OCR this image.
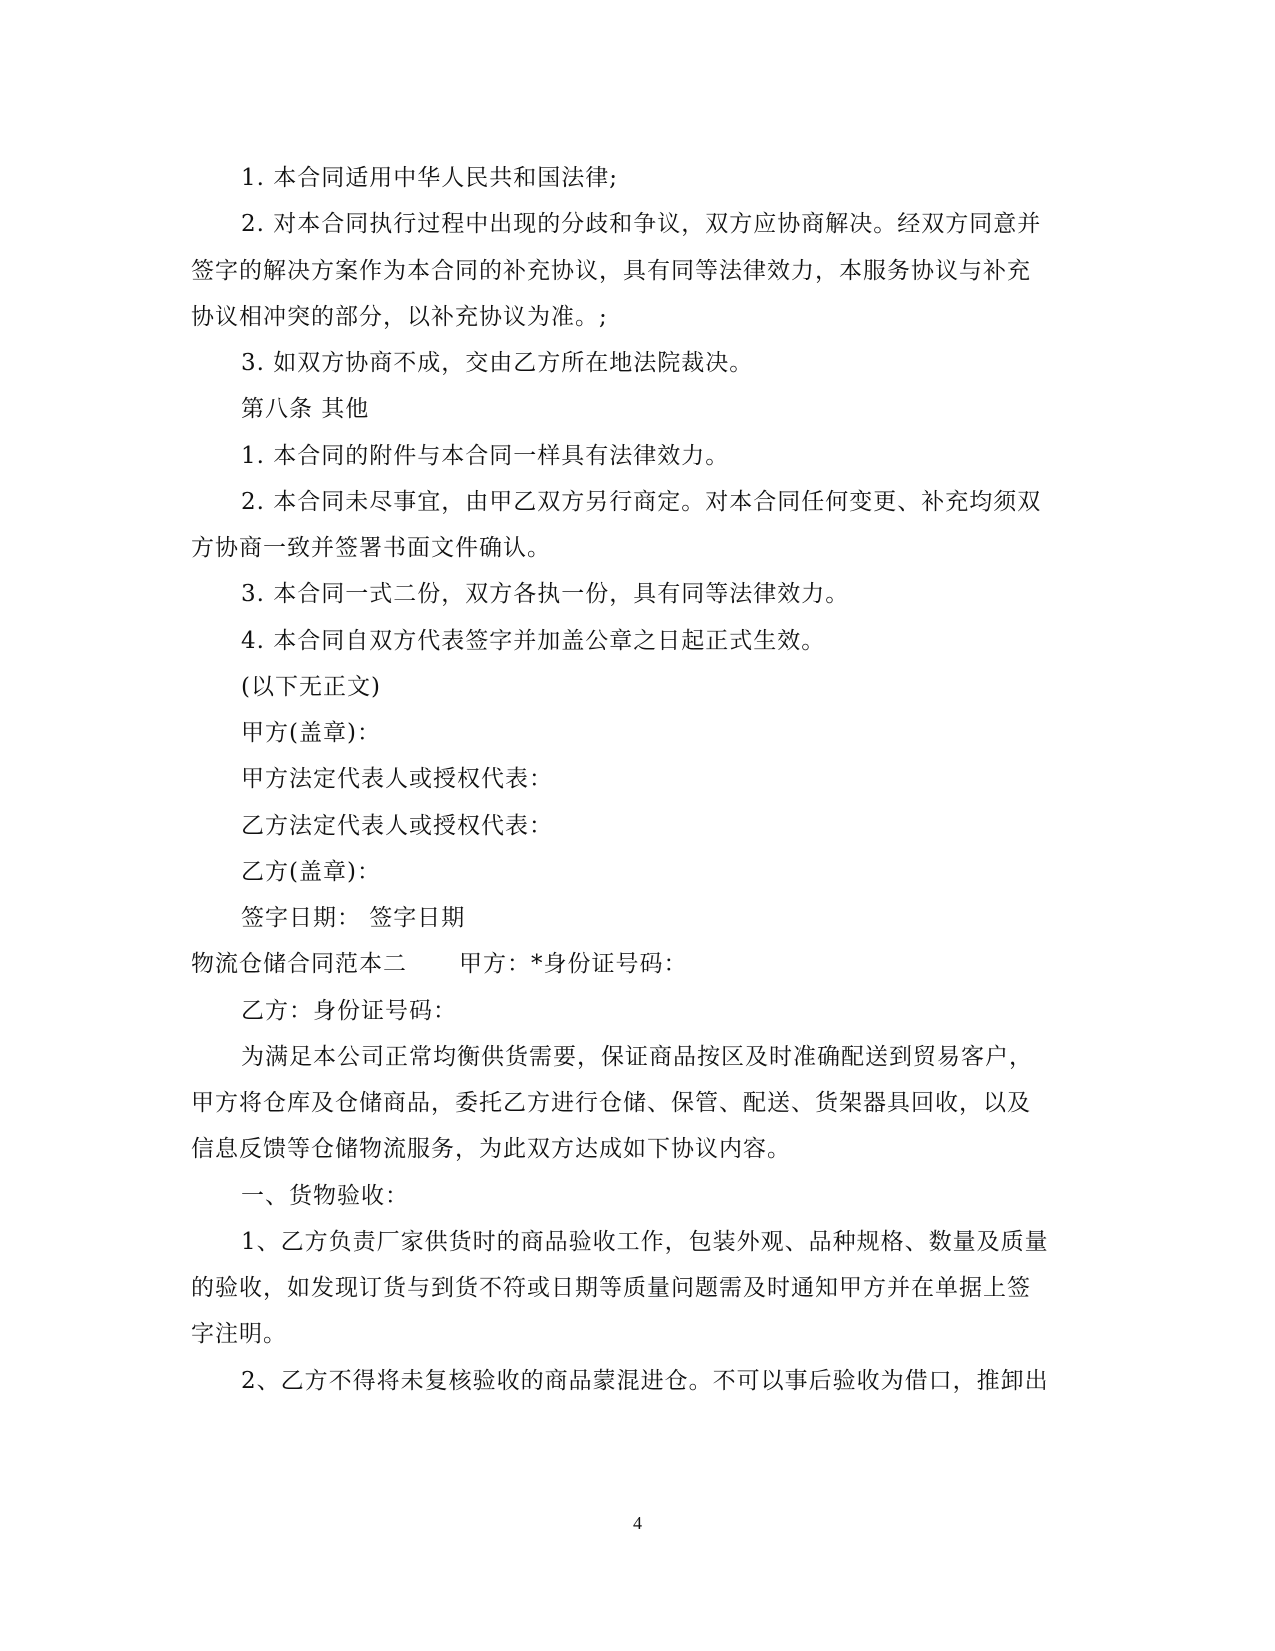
1. 本合同适用中华人民共和国法律;
2. 对本合同执行过程中出现的分歧和争议，双方应协商解决。经双方同意并
签字的解决方案作为本合同的补充协议，具有同等法律效力，本服务协议与补充
协议相冲突的部分，以补充协议为准。;
3. 如双方协商不成，交由乙方所在地法院裁决。
第八条 其他
1. 本合同的附件与本合同一样具有法律效力。
2. 本合同未尽事宜，由甲乙双方另行商定。对本合同任何变更、补充均须双
方协商一致并签署书面文件确认。
3. 本合同一式二份，双方各执一份，具有同等法律效力。
4. 本合同自双方代表签字并加盖公章之日起正式生效。
(以下无正文)
甲方(盖章)：
甲方法定代表人或授权代表：
乙方法定代表人或授权代表：
乙方(盖章)：
签字日期： 签字日期
物流仓储合同范本二 甲方：*身份证号码：
乙方：身份证号码：
为满足本公司正常均衡供货需要，保证商品按区及时准确配送到贸易客户，
甲方将仓库及仓储商品，委托乙方进行仓储、保管、配送、货架器具回收，以及
信息反馈等仓储物流服务，为此双方达成如下协议内容。
一、货物验收：
1、乙方负责厂家供货时的商品验收工作，包装外观、品种规格、数量及质量
的验收，如发现订货与到货不符或日期等质量问题需及时通知甲方并在单据上签
字注明。
2、乙方不得将未复核验收的商品蒙混进仓。不可以事后验收为借口，推卸出
4
